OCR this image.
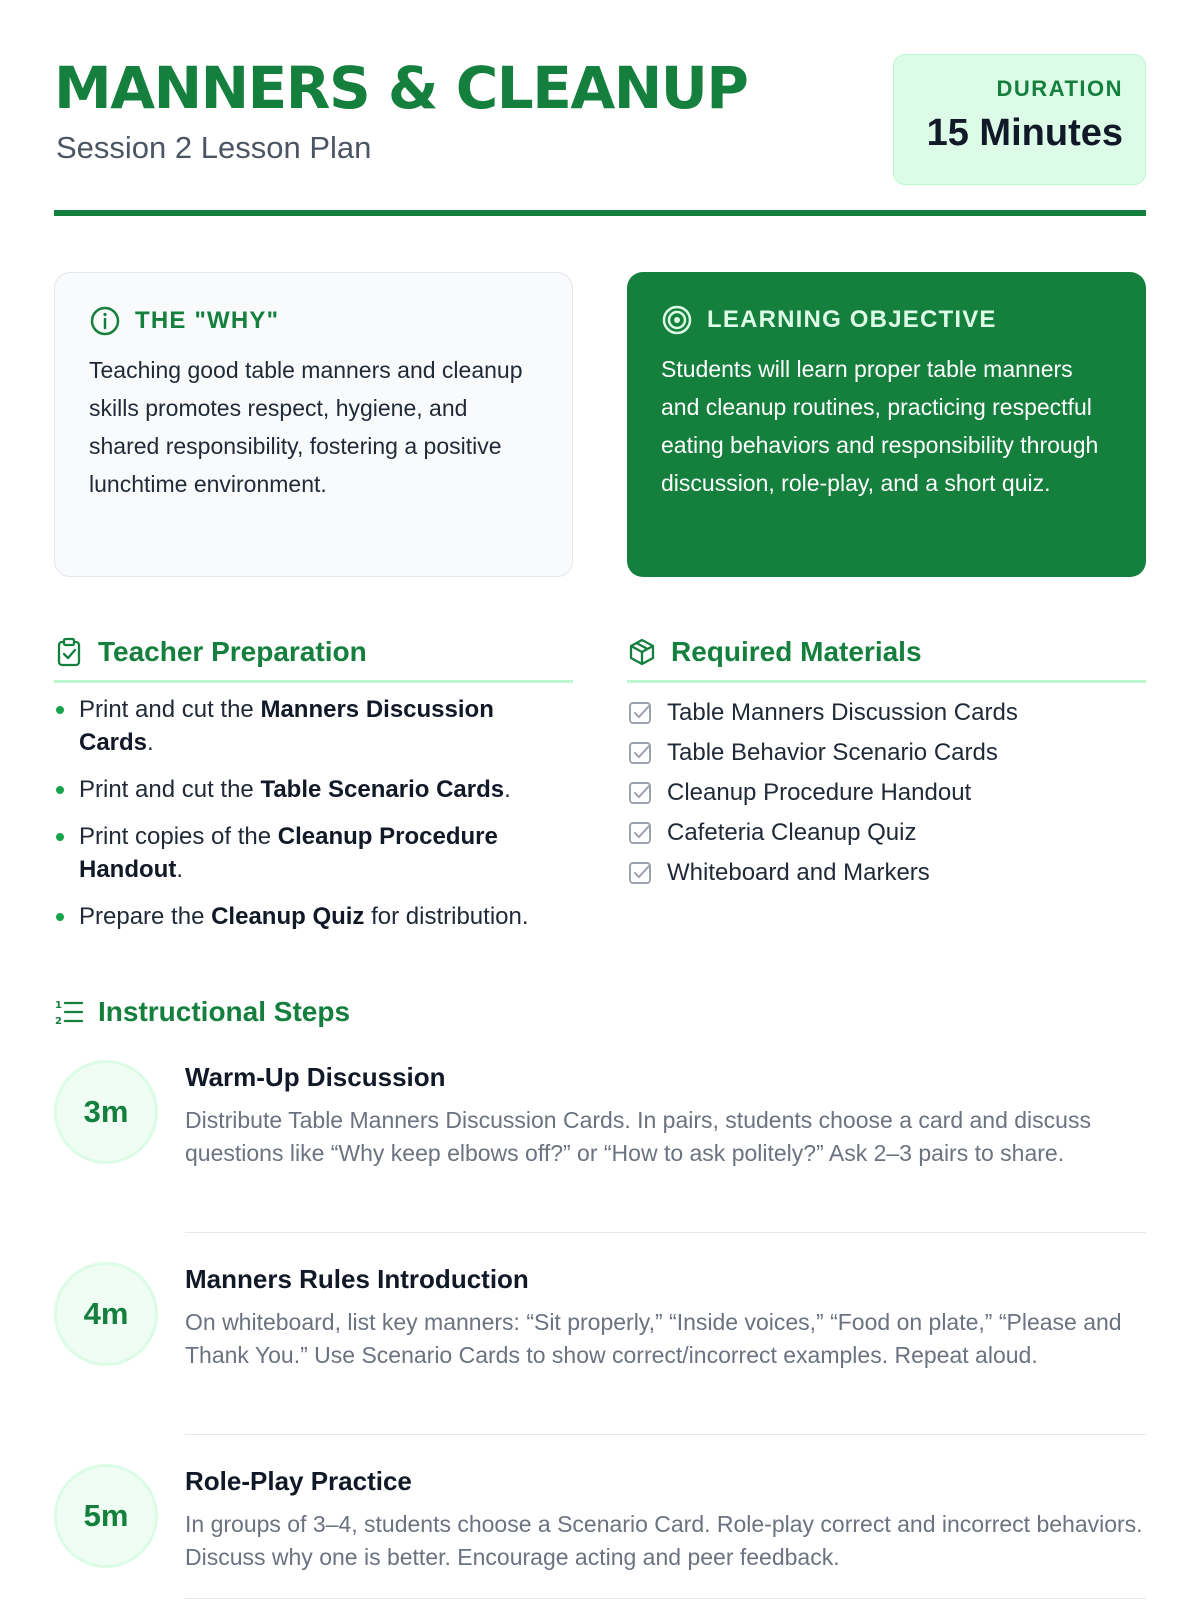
MANNERS & CLEANUP
Session 2 Lesson Plan
DURATION
15 Minutes
THE "WHY"

Teaching good table manners and cleanup skills promotes respect, hygiene, and shared responsibility, fostering a positive lunchtime environment.

LEARNING OBJECTIVE

Students will learn proper table manners and cleanup routines, practicing respectful eating behaviors and responsibility through discussion, role-play, and a short quiz.

Teacher Preparation
Print and cut the Manners Discussion Cards.
Print and cut the Table Scenario Cards.
Print copies of the Cleanup Procedure Handout.
Prepare the Cleanup Quiz for distribution.
Required Materials
Table Manners Discussion Cards
Table Behavior Scenario Cards
Cleanup Procedure Handout
Cafeteria Cleanup Quiz
Whiteboard and Markers
1
2 Instructional Steps
3m
Warm-Up Discussion

Distribute Table Manners Discussion Cards. In pairs, students choose a card and discuss questions like “Why keep elbows off?” or “How to ask politely?” Ask 2–3 pairs to share.

4m
Manners Rules Introduction

On whiteboard, list key manners: “Sit properly,” “Inside voices,” “Food on plate,” “Please and Thank You.” Use Scenario Cards to show correct/incorrect examples. Repeat aloud.

5m
Role-Play Practice

In groups of 3–4, students choose a Scenario Card. Role-play correct and incorrect behaviors. Discuss why one is better. Encourage acting and peer feedback.
